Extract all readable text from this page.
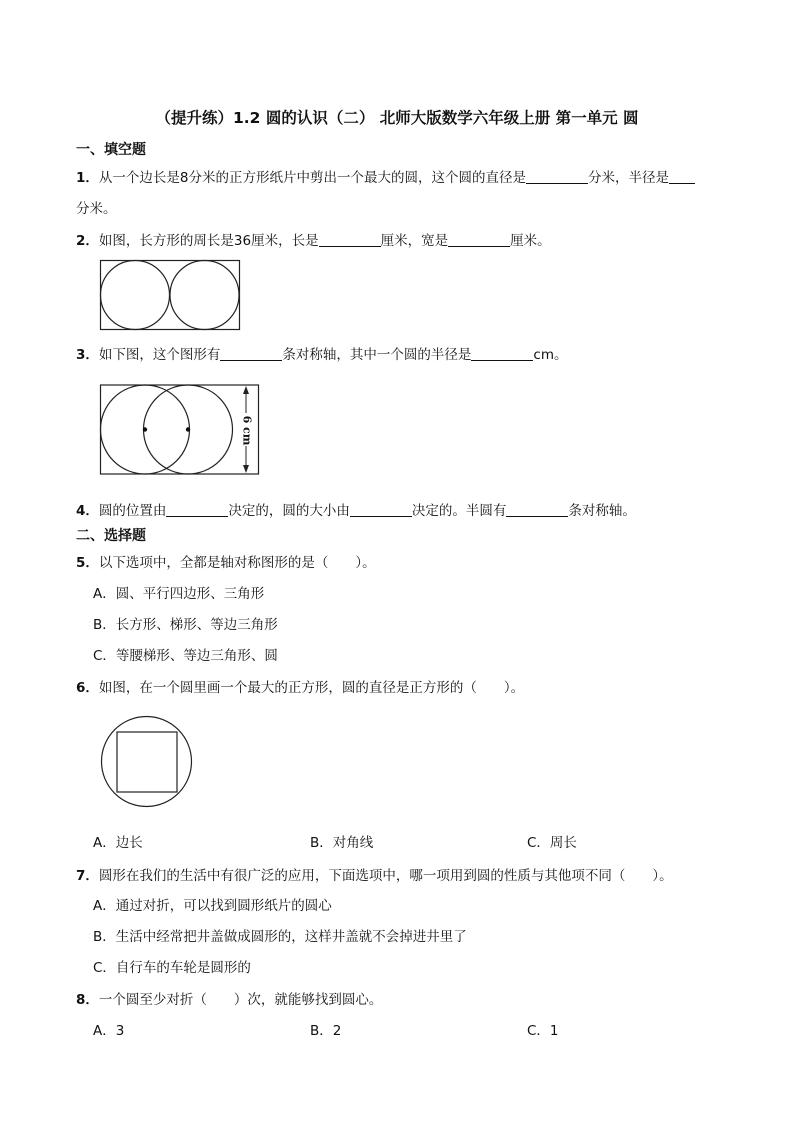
（提升练）1.2 圆的认识（二） 北师大版数学六年级上册 第一单元 圆
一、填空题
1．从一个边长是8分米的正方形纸片中剪出一个最大的圆，这个圆的直径是	分米，半径是
分米。
2．如图，长方形的周长是36厘米，长是	厘米，宽是	厘米。
3．如下图，这个图形有	条对称轴，其中一个圆的半径是	cm。
6 cm
4．圆的位置由	决定的，圆的大小由	决定的。半圆有	条对称轴。
二、选择题
5．以下选项中，全都是轴对称图形的是（　　）。
A．圆、平行四边形、三角形
B．长方形、梯形、等边三角形
C．等腰梯形、等边三角形、圆
6．如图，在一个圆里画一个最大的正方形，圆的直径是正方形的（　　）。
A．边长	B．对角线	C．周长
7．圆形在我们的生活中有很广泛的应用，下面选项中，哪一项用到圆的性质与其他项不同（　　）。
A．通过对折，可以找到圆形纸片的圆心
B．生活中经常把井盖做成圆形的，这样井盖就不会掉进井里了
C．自行车的车轮是圆形的
8．一个圆至少对折（　　）次，就能够找到圆心。
A．3	B．2	C．1
